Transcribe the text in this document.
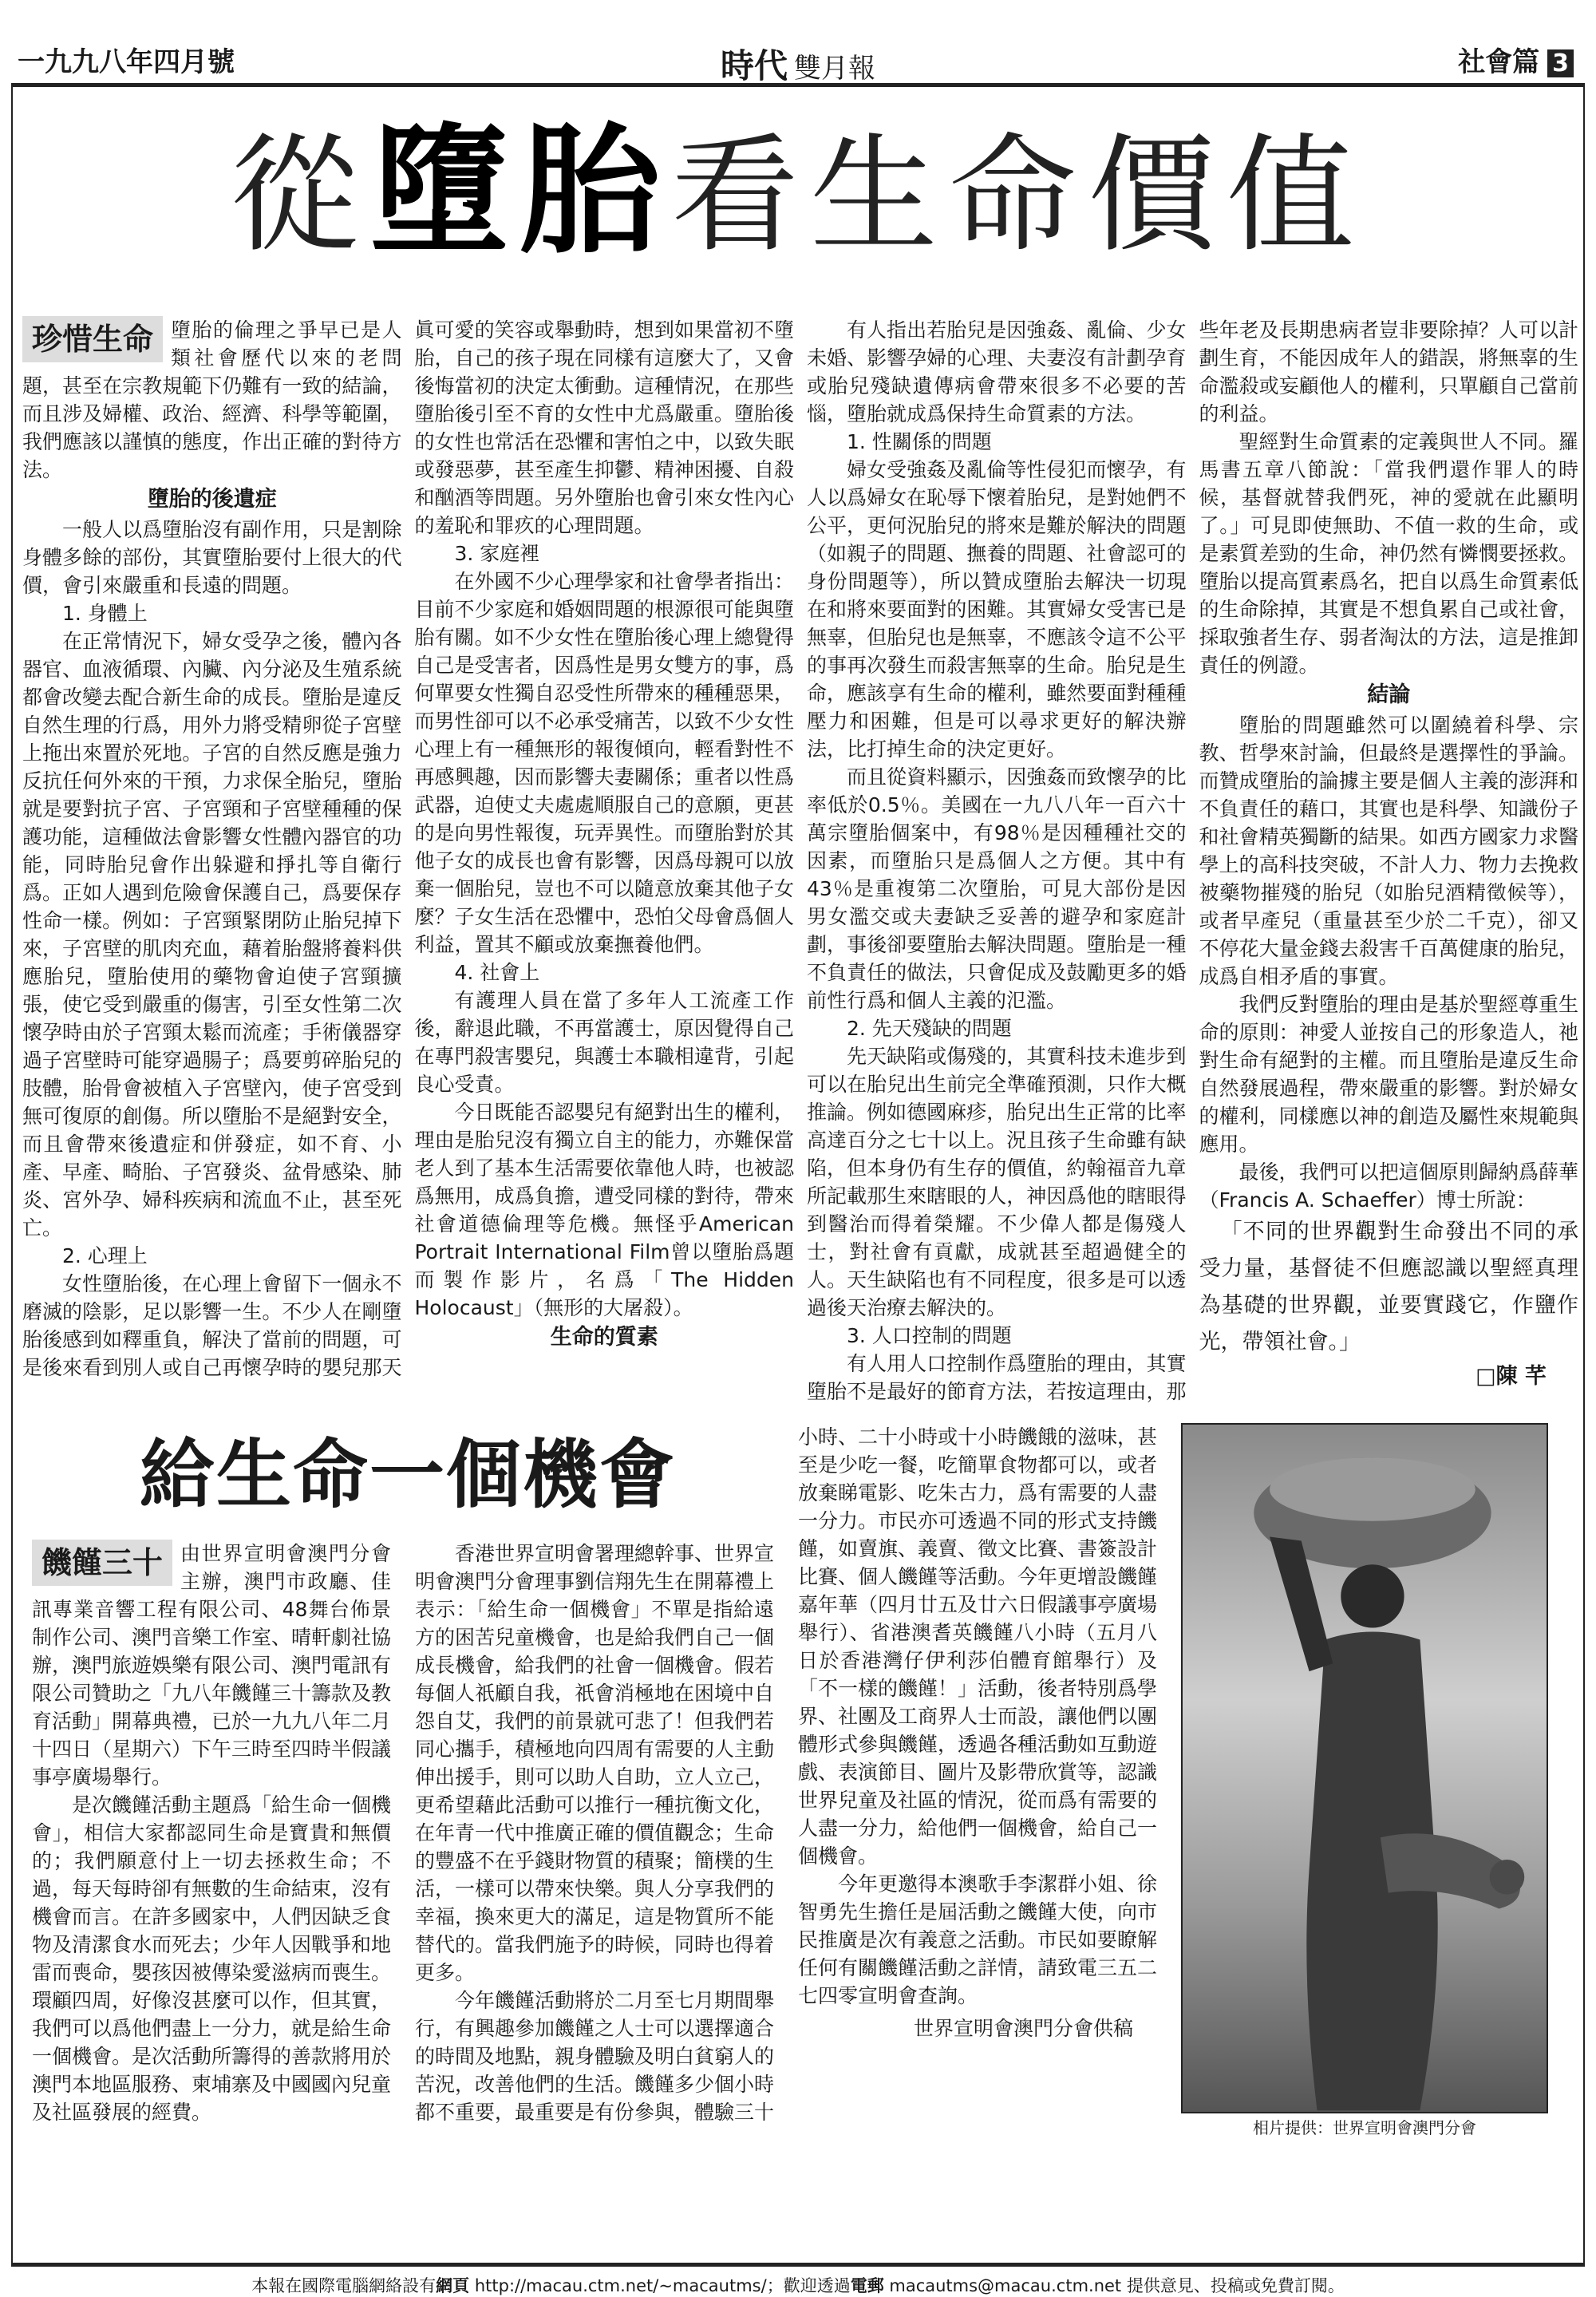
一九九八年四月號	時代 雙月報	社會篇 3
從墮胎看生命價值
珍惜生命 墮胎的倫理之爭早已是人類社會歷代以來的老問題，甚至在宗教規範下仍難有一致的結論，而且涉及婦權、政治、經濟、科學等範圍，我們應該以謹慎的態度，作出正確的對待方法。

墮胎的後遺症

一般人以爲墮胎沒有副作用，只是割除身體多餘的部份，其實墮胎要付上很大的代價，會引來嚴重和長遠的問題。

1. 身體上

在正常情況下，婦女受孕之後，體內各器官、血液循環、內臟、內分泌及生殖系統都會改變去配合新生命的成長。墮胎是違反自然生理的行爲，用外力將受精卵從子宮壁上拖出來置於死地。子宮的自然反應是強力反抗任何外來的干預，力求保全胎兒，墮胎就是要對抗子宮、子宮頸和子宮壁種種的保護功能，這種做法會影響女性體內器官的功能，同時胎兒會作出躲避和掙扎等自衛行爲。正如人遇到危險會保護自己，爲要保存性命一樣。例如：子宮頸緊閉防止胎兒掉下來，子宮壁的肌肉充血，藉着胎盤將養料供應胎兒，墮胎使用的藥物會迫使子宮頸擴張，使它受到嚴重的傷害，引至女性第二次懷孕時由於子宮頸太鬆而流產；手術儀器穿過子宮壁時可能穿過腸子；爲要剪碎胎兒的肢體，胎骨會被植入子宮壁內，使子宮受到無可復原的創傷。所以墮胎不是絕對安全，而且會帶來後遺症和併發症，如不育、小產、早產、畸胎、子宮發炎、盆骨感染、肺炎、宮外孕、婦科疾病和流血不止，甚至死亡。

2. 心理上

女性墮胎後，在心理上會留下一個永不磨滅的陰影，足以影響一生。不少人在剛墮胎後感到如釋重負，解決了當前的問題，可是後來看到別人或自己再懷孕時的嬰兒那天眞可愛的笑容或舉動時，想到如果當初不墮胎，自己的孩子現在同樣有這麼大了，又會後悔當初的決定太衝動。這種情況，在那些墮胎後引至不育的女性中尤爲嚴重。墮胎後的女性也常活在恐懼和害怕之中，以致失眠或發惡夢，甚至產生抑鬱、精神困擾、自殺和酗酒等問題。另外墮胎也會引來女性內心的羞恥和罪疚的心理問題。

3. 家庭裡

在外國不少心理學家和社會學者指出：目前不少家庭和婚姻問題的根源很可能與墮胎有關。如不少女性在墮胎後心理上總覺得自己是受害者，因爲性是男女雙方的事，爲何單要女性獨自忍受性所帶來的種種惡果，而男性卻可以不必承受痛苦，以致不少女性心理上有一種無形的報復傾向，輕看對性不再感興趣，因而影響夫妻關係；重者以性爲武器，迫使丈夫處處順服自己的意願，更甚的是向男性報復，玩弄異性。而墮胎對於其他子女的成長也會有影響，因爲母親可以放棄一個胎兒，豈也不可以隨意放棄其他子女麼？子女生活在恐懼中，恐怕父母會爲個人利益，置其不顧或放棄撫養他們。

4. 社會上

有護理人員在當了多年人工流產工作後，辭退此職，不再當護士，原因覺得自己在專門殺害嬰兒，與護士本職相違背，引起良心受責。

今日既能否認嬰兒有絕對出生的權利，理由是胎兒沒有獨立自主的能力，亦難保當老人到了基本生活需要依靠他人時，也被認爲無用，成爲負擔，遭受同樣的對待，帶來社會道德倫理等危機。無怪乎American Portrait International Film曾以墮胎爲題而製作影片，名爲「The Hidden Holocaust」（無形的大屠殺）。

生命的質素

有人指出若胎兒是因強姦、亂倫、少女未婚、影響孕婦的心理、夫妻沒有計劃孕育或胎兒殘缺遺傳病會帶來很多不必要的苦惱，墮胎就成爲保持生命質素的方法。

1. 性關係的問題

婦女受強姦及亂倫等性侵犯而懷孕，有人以爲婦女在恥辱下懷着胎兒，是對她們不公平，更何況胎兒的將來是難於解決的問題（如親子的問題、撫養的問題、社會認可的身份問題等），所以贊成墮胎去解決一切現在和將來要面對的困難。其實婦女受害已是無辜，但胎兒也是無辜，不應該令這不公平的事再次發生而殺害無辜的生命。胎兒是生命，應該享有生命的權利，雖然要面對種種壓力和困難，但是可以尋求更好的解決辦法，比打掉生命的決定更好。

而且從資料顯示，因強姦而致懷孕的比率低於0.5％。美國在一九八八年一百六十萬宗墮胎個案中，有98％是因種種社交的因素，而墮胎只是爲個人之方便。其中有43％是重複第二次墮胎，可見大部份是因男女濫交或夫妻缺乏妥善的避孕和家庭計劃，事後卻要墮胎去解決問題。墮胎是一種不負責任的做法，只會促成及鼓勵更多的婚前性行爲和個人主義的氾濫。

2. 先天殘缺的問題

先天缺陷或傷殘的，其實科技未進步到可以在胎兒出生前完全準確預測，只作大概推論。例如德國麻疹，胎兒出生正常的比率高達百分之七十以上。況且孩子生命雖有缺陷，但本身仍有生存的價值，約翰福音九章所記載那生來瞎眼的人，神因爲他的瞎眼得到醫治而得着榮耀。不少偉人都是傷殘人士，對社會有貢獻，成就甚至超過健全的人。天生缺陷也有不同程度，很多是可以透過後天治療去解決的。

3. 人口控制的問題

有人用人口控制作爲墮胎的理由，其實墮胎不是最好的節育方法，若按這理由，那些年老及長期患病者豈非要除掉？人可以計劃生育，不能因成年人的錯誤，將無辜的生命濫殺或妄顧他人的權利，只單顧自己當前的利益。

聖經對生命質素的定義與世人不同。羅馬書五章八節說：「當我們還作罪人的時候，基督就替我們死，神的愛就在此顯明了。」可見即使無助、不值一救的生命，或是素質差勁的生命，神仍然有憐憫要拯救。墮胎以提高質素爲名，把自以爲生命質素低的生命除掉，其實是不想負累自己或社會，採取強者生存、弱者淘汰的方法，這是推卸責任的例證。

結論

墮胎的問題雖然可以圍繞着科學、宗教、哲學來討論，但最終是選擇性的爭論。而贊成墮胎的論據主要是個人主義的澎湃和不負責任的藉口，其實也是科學、知識份子和社會精英獨斷的結果。如西方國家力求醫學上的高科技突破，不計人力、物力去挽救被藥物摧殘的胎兒（如胎兒酒精徵候等），或者早產兒（重量甚至少於二千克），卻又不停花大量金錢去殺害千百萬健康的胎兒，成爲自相矛盾的事實。

我們反對墮胎的理由是基於聖經尊重生命的原則：神愛人並按自己的形象造人，祂對生命有絕對的主權。而且墮胎是違反生命自然發展過程，帶來嚴重的影響。對於婦女的權利，同樣應以神的創造及屬性來規範與應用。

最後，我們可以把這個原則歸納爲薛華（Francis A. Schaeffer）博士所說：

「不同的世界觀對生命發出不同的承受力量，基督徒不但應認識以聖經真理為基礎的世界觀，並要實踐它，作鹽作光，帶領社會。」

□陳 芊
給生命一個機會
饑饉三十 由世界宣明會澳門分會主辦，澳門市政廳、佳訊專業音響工程有限公司、48舞台佈景制作公司、澳門音樂工作室、晴軒劇社協辦，澳門旅遊娛樂有限公司、澳門電訊有限公司贊助之「九八年饑饉三十籌款及教育活動」開幕典禮，已於一九九八年二月十四日（星期六）下午三時至四時半假議事亭廣場舉行。

是次饑饉活動主題爲「給生命一個機會」，相信大家都認同生命是寶貴和無價的；我們願意付上一切去拯救生命；不過，每天每時卻有無數的生命結束，沒有機會而言。在許多國家中，人們因缺乏食物及清潔食水而死去；少年人因戰爭和地雷而喪命，嬰孩因被傳染愛滋病而喪生。環顧四周，好像沒甚麼可以作，但其實，我們可以爲他們盡上一分力，就是給生命一個機會。是次活動所籌得的善款將用於澳門本地區服務、柬埔寨及中國國內兒童及社區發展的經費。

香港世界宣明會署理總幹事、世界宣明會澳門分會理事劉信翔先生在開幕禮上表示：「給生命一個機會」不單是指給遠方的困苦兒童機會，也是給我們自己一個成長機會，給我們的社會一個機會。假若每個人祇顧自我，祇會消極地在困境中自怨自艾，我們的前景就可悲了！但我們若同心攜手，積極地向四周有需要的人主動伸出援手，則可以助人自助，立人立己，更希望藉此活動可以推行一種抗衡文化，在年青一代中推廣正確的價值觀念；生命的豐盛不在乎錢財物質的積聚；簡樸的生活，一樣可以帶來快樂。與人分享我們的幸福，換來更大的滿足，這是物質所不能替代的。當我們施予的時候，同時也得着更多。

今年饑饉活動將於二月至七月期間舉行，有興趣參加饑饉之人士可以選擇適合的時間及地點，親身體驗及明白貧窮人的苦況，改善他們的生活。饑饉多少個小時都不重要，最重要是有份參與，體驗三十

小時、二十小時或十小時饑餓的滋味，甚至是少吃一餐，吃簡單食物都可以，或者放棄睇電影、吃朱古力，爲有需要的人盡一分力。市民亦可透過不同的形式支持饑饉，如賣旗、義賣、徵文比賽、書簽設計比賽、個人饑饉等活動。今年更增設饑饉嘉年華（四月廿五及廿六日假議事亭廣場舉行）、省港澳耆英饑饉八小時（五月八日於香港灣仔伊利莎伯體育館舉行）及「不一樣的饑饉！」活動，後者特別爲學界、社團及工商界人士而設，讓他們以團體形式參與饑饉，透過各種活動如互動遊戲、表演節目、圖片及影帶欣賞等，認識世界兒童及社區的情況，從而爲有需要的人盡一分力，給他們一個機會，給自己一個機會。

今年更邀得本澳歌手李潔群小姐、徐智勇先生擔任是屆活動之饑饉大使，向市民推廣是次有義意之活動。市民如要瞭解任何有關饑饉活動之詳情，請致電三五二七四零宣明會查詢。

世界宣明會澳門分會供稿
相片提供：世界宣明會澳門分會
本報在國際電腦網絡設有網頁 http://macau.ctm.net/~macautms/；歡迎透過電郵 macautms@macau.ctm.net 提供意見、投稿或免費訂閱。
